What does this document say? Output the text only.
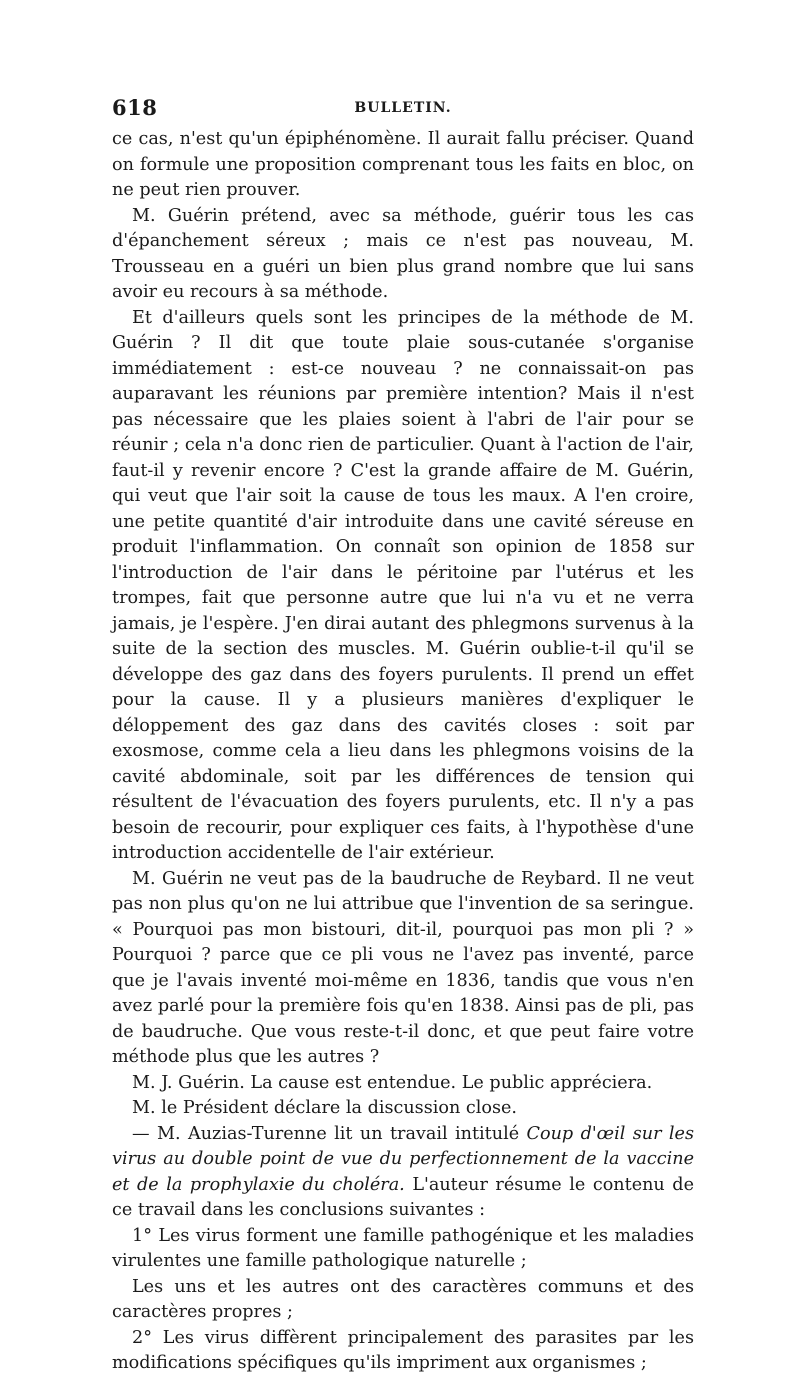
618	BULLETIN.

ce cas, n'est qu'un épiphénomène. Il aurait fallu préciser. Quand on formule une proposition comprenant tous les faits en bloc, on ne peut rien prouver.

M. Guérin prétend, avec sa méthode, guérir tous les cas d'épanchement séreux ; mais ce n'est pas nouveau, M. Trousseau en a guéri un bien plus grand nombre que lui sans avoir eu recours à sa méthode.

Et d'ailleurs quels sont les principes de la méthode de M. Guérin ? Il dit que toute plaie sous-cutanée s'organise immédiatement : est-ce nouveau ? ne connaissait-on pas auparavant les réunions par première intention? Mais il n'est pas nécessaire que les plaies soient à l'abri de l'air pour se réunir ; cela n'a donc rien de particulier. Quant à l'action de l'air, faut-il y revenir encore ? C'est la grande affaire de M. Guérin, qui veut que l'air soit la cause de tous les maux. A l'en croire, une petite quantité d'air introduite dans une cavité séreuse en produit l'inflammation. On connaît son opinion de 1858 sur l'introduction de l'air dans le péritoine par l'utérus et les trompes, fait que personne autre que lui n'a vu et ne verra jamais, je l'espère. J'en dirai autant des phlegmons survenus à la suite de la section des muscles. M. Guérin oublie-t-il qu'il se développe des gaz dans des foyers purulents. Il prend un effet pour la cause. Il y a plusieurs manières d'expliquer le déloppement des gaz dans des cavités closes : soit par exosmose, comme cela a lieu dans les phlegmons voisins de la cavité abdominale, soit par les différences de tension qui résultent de l'évacuation des foyers purulents, etc. Il n'y a pas besoin de recourir, pour expliquer ces faits, à l'hypothèse d'une introduction accidentelle de l'air extérieur.

M. Guérin ne veut pas de la baudruche de Reybard. Il ne veut pas non plus qu'on ne lui attribue que l'invention de sa seringue. « Pourquoi pas mon bistouri, dit-il, pourquoi pas mon pli ? » Pourquoi ? parce que ce pli vous ne l'avez pas inventé, parce que je l'avais inventé moi-même en 1836, tandis que vous n'en avez parlé pour la première fois qu'en 1838. Ainsi pas de pli, pas de baudruche. Que vous reste-t-il donc, et que peut faire votre méthode plus que les autres ?

M. J. Guérin. La cause est entendue. Le public appréciera.

M. le Président déclare la discussion close.

— M. Auzias-Turenne lit un travail intitulé Coup d'œil sur les virus au double point de vue du perfectionnement de la vaccine et de la prophylaxie du choléra. L'auteur résume le contenu de ce travail dans les conclusions suivantes :

1° Les virus forment une famille pathogénique et les maladies virulentes une famille pathologique naturelle ;

Les uns et les autres ont des caractères communs et des caractères propres ;

2° Les virus diffèrent principalement des parasites par les modifications spécifiques qu'ils impriment aux organismes ;
